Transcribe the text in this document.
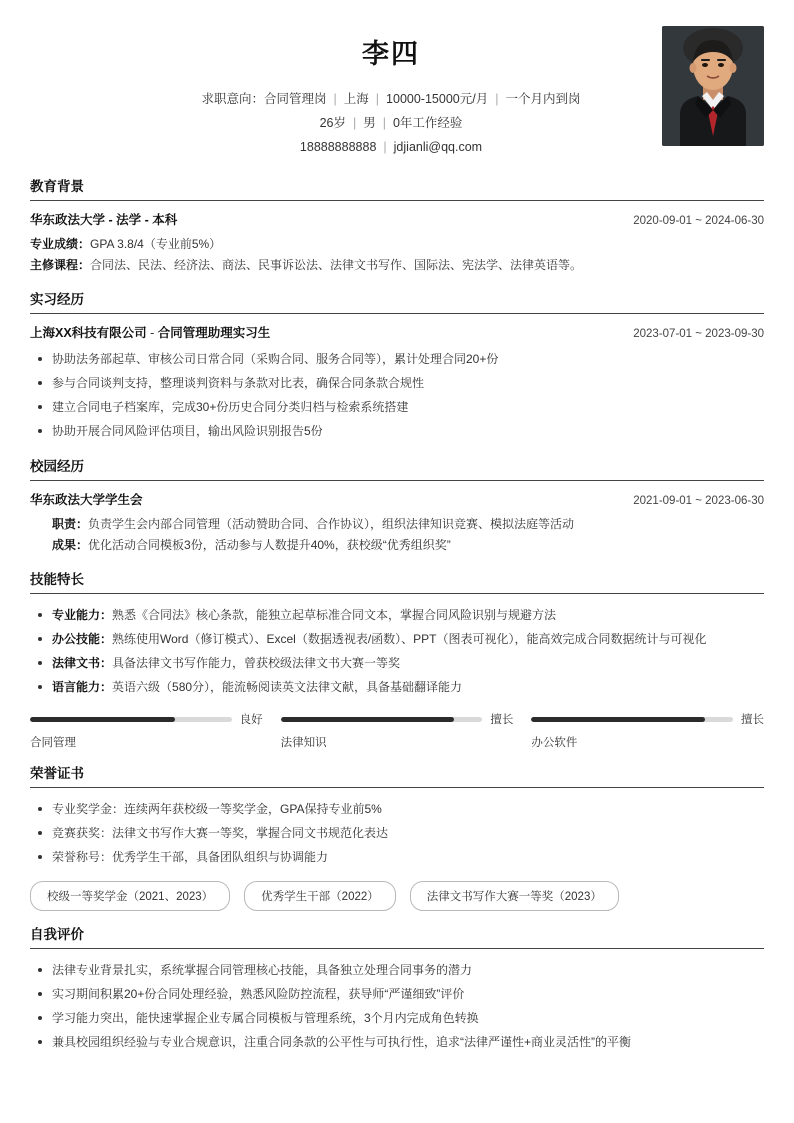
李四
求职意向：合同管理岗 | 上海 | 10000-15000元/月 | 一个月内到岗
26岁 | 男 | 0年工作经验
18888888888 | jdjianli@qq.com
教育背景
华东政法大学 - 法学 - 本科	2020-09-01 ~ 2024-06-30
专业成绩：GPA 3.8/4（专业前5%）
主修课程：合同法、民法、经济法、商法、民事诉讼法、法律文书写作、国际法、宪法学、法律英语等。
实习经历
上海XX科技有限公司 - 合同管理助理实习生	2023-07-01 ~ 2023-09-30
协助法务部起草、审核公司日常合同（采购合同、服务合同等），累计处理合同20+份
参与合同谈判支持，整理谈判资料与条款对比表，确保合同条款合规性
建立合同电子档案库，完成30+份历史合同分类归档与检索系统搭建
协助开展合同风险评估项目，输出风险识别报告5份
校园经历
华东政法大学学生会	2021-09-01 ~ 2023-06-30
职责：负责学生会内部合同管理（活动赞助合同、合作协议），组织法律知识竞赛、模拟法庭等活动
成果：优化活动合同模板3份，活动参与人数提升40%，获校级“优秀组织奖”
技能特长
专业能力：熟悉《合同法》核心条款，能独立起草标准合同文本，掌握合同风险识别与规避方法
办公技能：熟练使用Word（修订模式）、Excel（数据透视表/函数）、PPT（图表可视化），能高效完成合同数据统计与可视化
法律文书：具备法律文书写作能力，曾获校级法律文书大赛一等奖
语言能力：英语六级（580分），能流畅阅读英文法律文献，具备基础翻译能力
良好
合同管理
擅长
法律知识
擅长
办公软件
荣誉证书
专业奖学金：连续两年获校级一等奖学金，GPA保持专业前5%
竞赛获奖：法律文书写作大赛一等奖，掌握合同文书规范化表达
荣誉称号：优秀学生干部，具备团队组织与协调能力
校级一等奖学金（2021、2023）	优秀学生干部（2022）	法律文书写作大赛一等奖（2023）
自我评价
法律专业背景扎实，系统掌握合同管理核心技能，具备独立处理合同事务的潜力
实习期间积累20+份合同处理经验，熟悉风险防控流程，获导师“严谨细致”评价
学习能力突出，能快速掌握企业专属合同模板与管理系统，3个月内完成角色转换
兼具校园组织经验与专业合规意识，注重合同条款的公平性与可执行性，追求“法律严谨性+商业灵活性”的平衡
